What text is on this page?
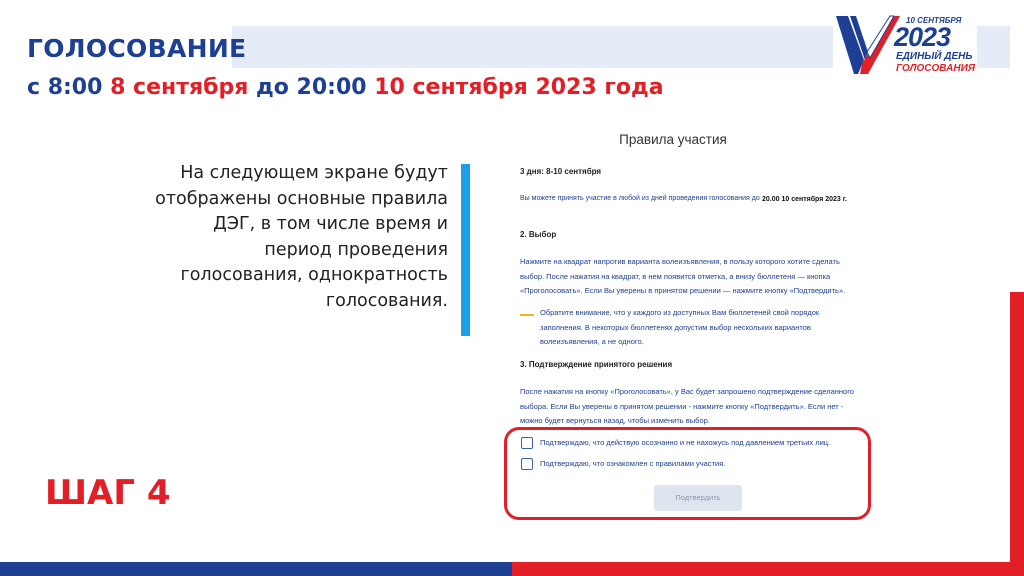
ГОЛОСОВАНИЕ
с 8:00 8 сентября до 20:00 10 сентября 2023 года
10 СЕНТЯБРЯ
2023
ЕДИНЫЙ ДЕНЬ
ГОЛОСОВАНИЯ
На следующем экране будут отображены основные правила ДЭГ, в том числе время и период проведения голосования, однократность голосования.
ШАГ 4
Правила участия
3 дня: 8-10 сентября
Вы можете принять участие в любой из дней проведения голосования до 20.00 10 сентября 2023 г.
2. Выбор
Нажмите на квадрат напротив варианта волеизъявления, в пользу которого хотите сделать выбор. После нажатия на квадрат, в нем появится отметка, а внизу бюллетеня — кнопка «Проголосовать». Если Вы уверены в принятом решении — нажмите кнопку «Подтвердить».
Обратите внимание, что у каждого из доступных Вам бюллетеней свой порядок заполнения. В некоторых бюллетенях допустим выбор нескольких вариантов волеизъявления, а не одного.
3. Подтверждение принятого решения
После нажатия на кнопку «Проголосовать», у Вас будет запрошено подтверждение сделанного выбора. Если Вы уверены в принятом решении - нажмите кнопку «Подтвердить». Если нет - можно будет вернуться назад, чтобы изменить выбор.
Подтверждаю, что действую осознанно и не нахожусь под давлением третьих лиц.
Подтверждаю, что ознакомлен с правилами участия.
Подтвердить
